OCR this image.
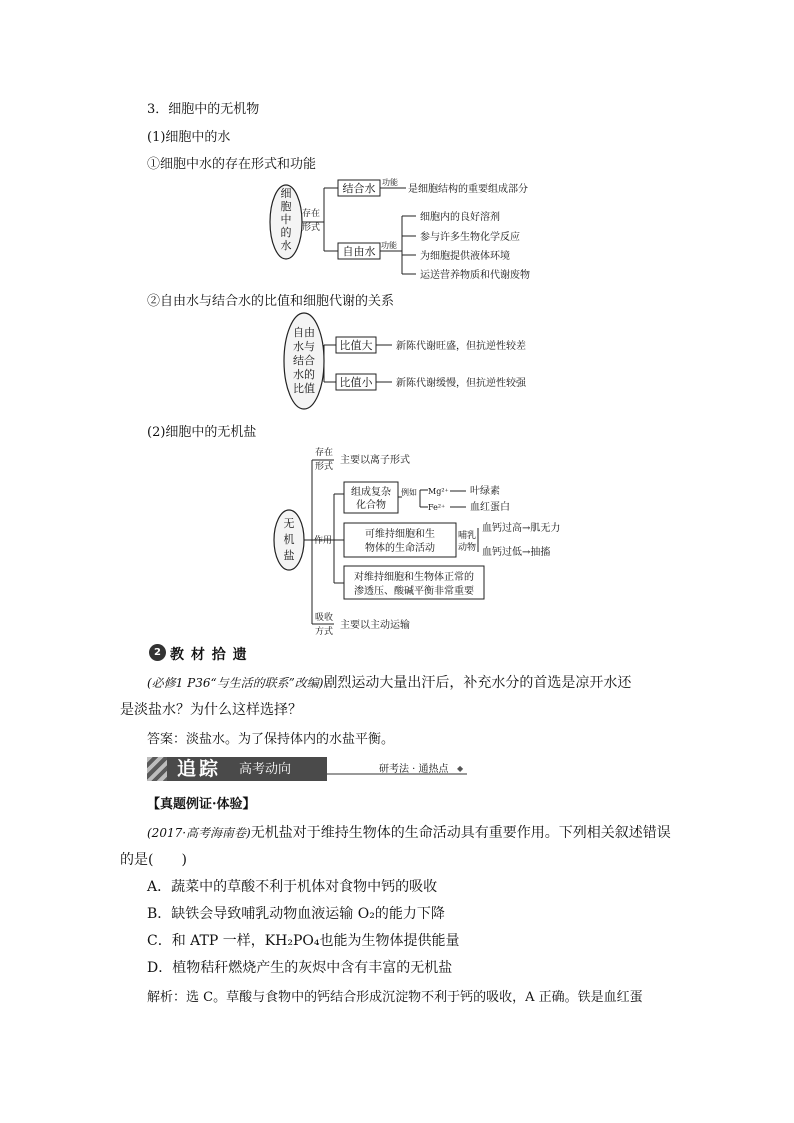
3．细胞中的无机物
(1)细胞中的水
①细胞中水的存在形式和功能
细
胞
中
的
水
存在
形式
结合水 功能
是细胞结构的重要组成部分
自由水 功能
细胞内的良好溶剂
参与许多生物化学反应
为细胞提供液体环境
运送营养物质和代谢废物
②自由水与结合水的比值和细胞代谢的关系
自由
水与
结合
水的
比值
比值大 新陈代谢旺盛，但抗逆性较差
比值小 新陈代谢缓慢，但抗逆性较强
(2)细胞中的无机盐
无
机
盐
存在
形式
主要以离子形式
作用
组成复杂
化合物
例如 Mg²⁺ 叶绿素
Fe²⁺ 血红蛋白
可维持细胞和生
物体的生命活动
哺乳
动物
血钙过高→肌无力
血钙过低→抽搐
对维持细胞和生物体正常的
渗透压、酸碱平衡非常重要
吸收
方式
主要以主动运输
2 教 材 拾 遗
(必修1 P36“与生活的联系”改编)剧烈运动大量出汗后，补充水分的首选是凉开水还
是淡盐水？为什么这样选择？
答案：淡盐水。为了保持体内的水盐平衡。
追踪 高考动向	研考法 · 通热点 ◆
【真题例证·体验】
(2017·高考海南卷)无机盐对于维持生物体的生命活动具有重要作用。下列相关叙述错误
的是(　　)
A．蔬菜中的草酸不利于机体对食物中钙的吸收
B．缺铁会导致哺乳动物血液运输 O₂的能力下降
C．和 ATP 一样，KH₂PO₄也能为生物体提供能量
D．植物秸秆燃烧产生的灰烬中含有丰富的无机盐
解析：选 C。草酸与食物中的钙结合形成沉淀物不利于钙的吸收，A 正确。铁是血红蛋
